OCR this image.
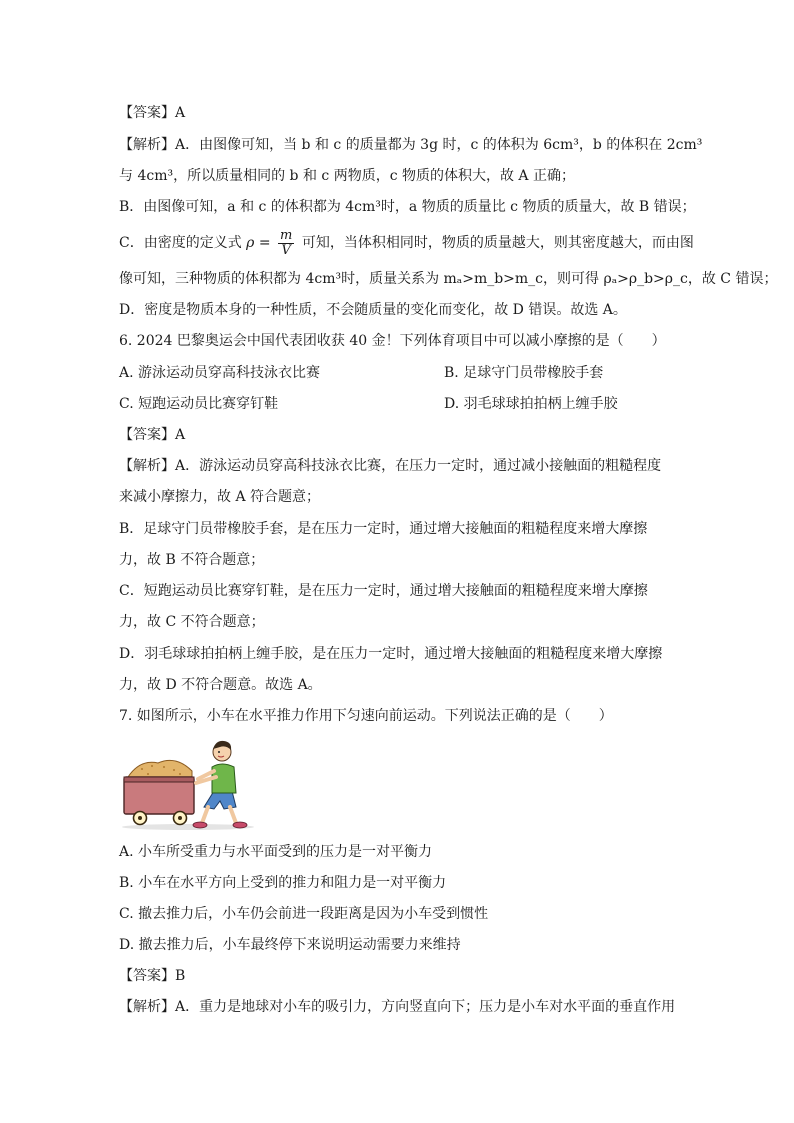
【答案】A
【解析】A．由图像可知，当 b 和 c 的质量都为 3g 时，c 的体积为 6cm³，b 的体积在 2cm³
与 4cm³，所以质量相同的 b 和 c 两物质，c 物质的体积大，故 A 正确；
B．由图像可知，a 和 c 的体积都为 4cm³时，a 物质的质量比 c 物质的质量大，故 B 错误；
C．由密度的定义式 $\rho = \frac{m}{V}$ 可知，当体积相同时，物质的质量越大，则其密度越大，而由图
像可知，三种物质的体积都为 4cm³时，质量关系为 mₐ>m_b>m_c，则可得 ρₐ>ρ_b>ρ_c，故 C 错误；
D．密度是物质本身的一种性质，不会随质量的变化而变化，故 D 错误。故选 A。
6. 2024 巴黎奥运会中国代表团收获 40 金！下列体育项目中可以减小摩擦的是（　　）
A. 游泳运动员穿高科技泳衣比赛	B. 足球守门员带橡胶手套
C. 短跑运动员比赛穿钉鞋	D. 羽毛球球拍拍柄上缠手胶
【答案】A
【解析】A．游泳运动员穿高科技泳衣比赛，在压力一定时，通过减小接触面的粗糙程度
来减小摩擦力，故 A 符合题意；
B．足球守门员带橡胶手套，是在压力一定时，通过增大接触面的粗糙程度来增大摩擦
力，故 B 不符合题意；
C．短跑运动员比赛穿钉鞋，是在压力一定时，通过增大接触面的粗糙程度来增大摩擦
力，故 C 不符合题意；
D．羽毛球球拍拍柄上缠手胶，是在压力一定时，通过增大接触面的粗糙程度来增大摩擦
力，故 D 不符合题意。故选 A。
7. 如图所示，小车在水平推力作用下匀速向前运动。下列说法正确的是（　　）
A. 小车所受重力与水平面受到的压力是一对平衡力
B. 小车在水平方向上受到的推力和阻力是一对平衡力
C. 撤去推力后，小车仍会前进一段距离是因为小车受到惯性
D. 撤去推力后，小车最终停下来说明运动需要力来维持
【答案】B
【解析】A．重力是地球对小车的吸引力，方向竖直向下；压力是小车对水平面的垂直作用
